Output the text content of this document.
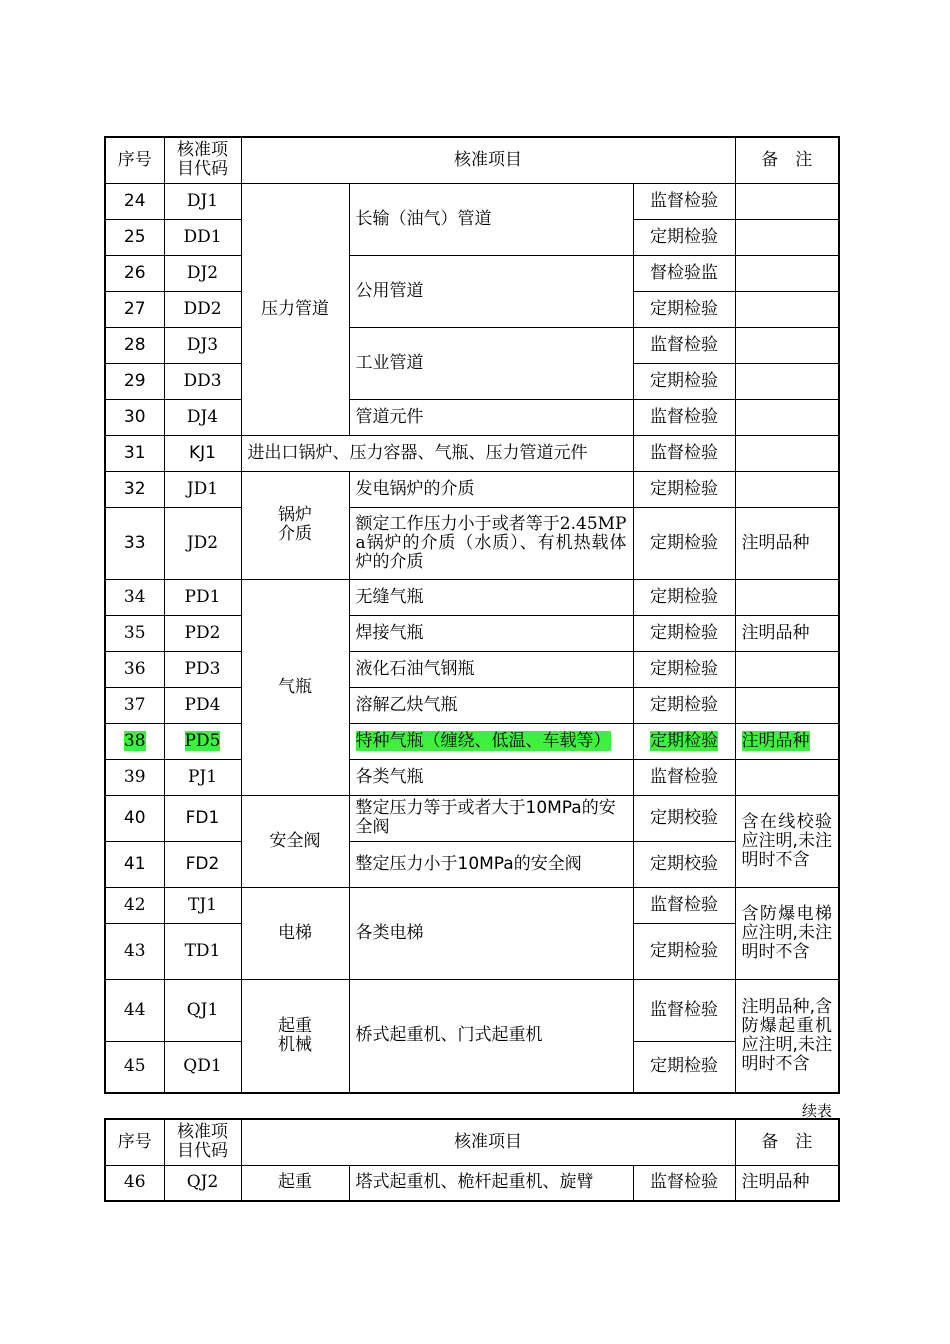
序号	核准项目代码	核准项目			备　注
24	DJ1	压力管道	长输（油气）管道	监督检验	
25	DD1			定期检验	
26	DJ2		公用管道	督检验监	
27	DD2			定期检验	
28	DJ3		工业管道	监督检验	
29	DD3			定期检验	
30	DJ4		管道元件	监督检验	
31	KJ1	进出口锅炉、压力容器、气瓶、压力管道元件		监督检验	
32	JD1	锅炉介质	发电锅炉的介质	定期检验	
33	JD2		额定工作压力小于或者等于2.45MPa锅炉的介质（水质）、有机热载体炉的介质	定期检验	注明品种
34	PD1	气瓶	无缝气瓶	定期检验	
35	PD2		焊接气瓶	定期检验	注明品种
36	PD3		液化石油气钢瓶	定期检验	
37	PD4		溶解乙炔气瓶	定期检验	
38	PD5		特种气瓶（缠绕、低温、车载等）	定期检验	注明品种
39	PJ1		各类气瓶	监督检验	
40	FD1	安全阀	整定压力等于或者大于10MPa的安全阀	定期校验	含在线校验应注明,未注明时不含
41	FD2		整定压力小于10MPa的安全阀	定期校验	
42	TJ1	电梯	各类电梯	监督检验	含防爆电梯应注明,未注明时不含
43	TD1			定期检验	
44	QJ1	起重机械	桥式起重机、门式起重机	监督检验	注明品种,含防爆起重机应注明,未注明时不含
45	QD1			定期检验	
续表
序号	核准项目代码	核准项目			备　注
46	QJ2	起重	塔式起重机、桅杆起重机、旋臂	监督检验	注明品种
